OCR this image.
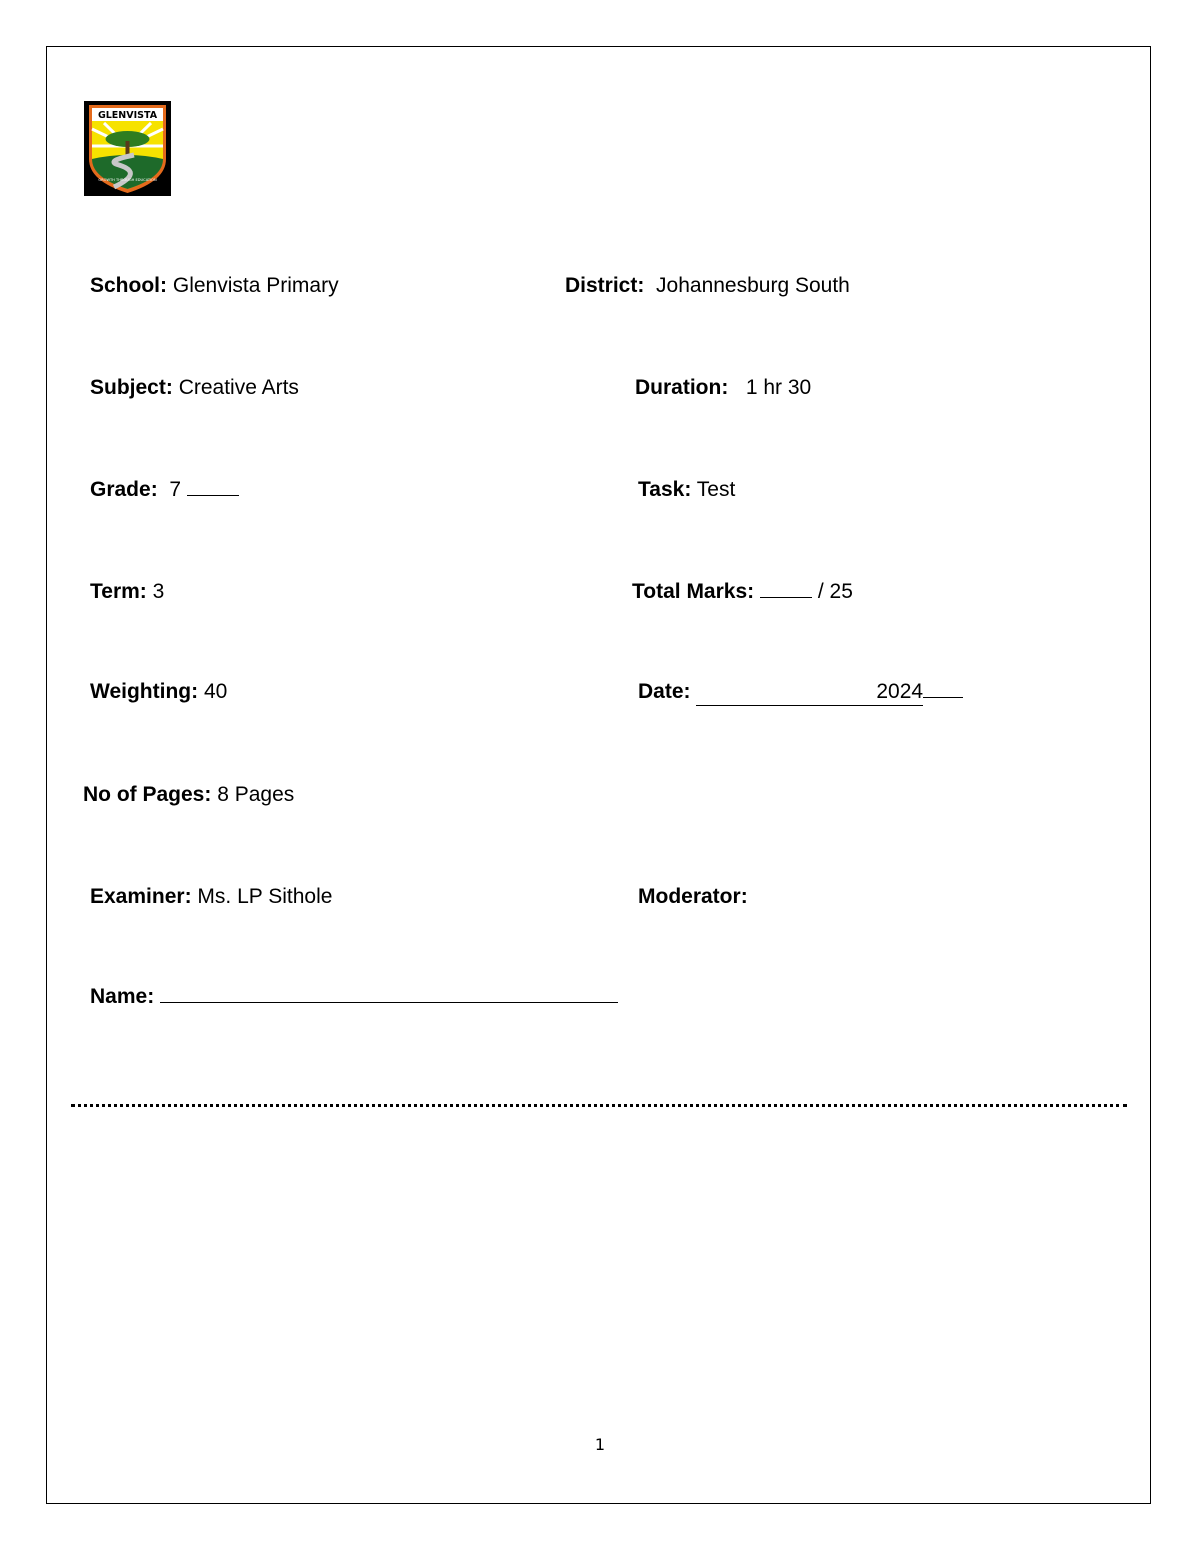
GLENVISTA
GROWTH THROUGH EDUCATION
School: Glenvista Primary
Subject: Creative Arts
Grade: 7
Term: 3
Weighting: 40
No of Pages: 8 Pages
Examiner: Ms. LP Sithole
Name:
District: Johannesburg South
Duration: 1 hr 30
Task: Test
Total Marks:	/ 25
Date:	2024
Moderator:
1
